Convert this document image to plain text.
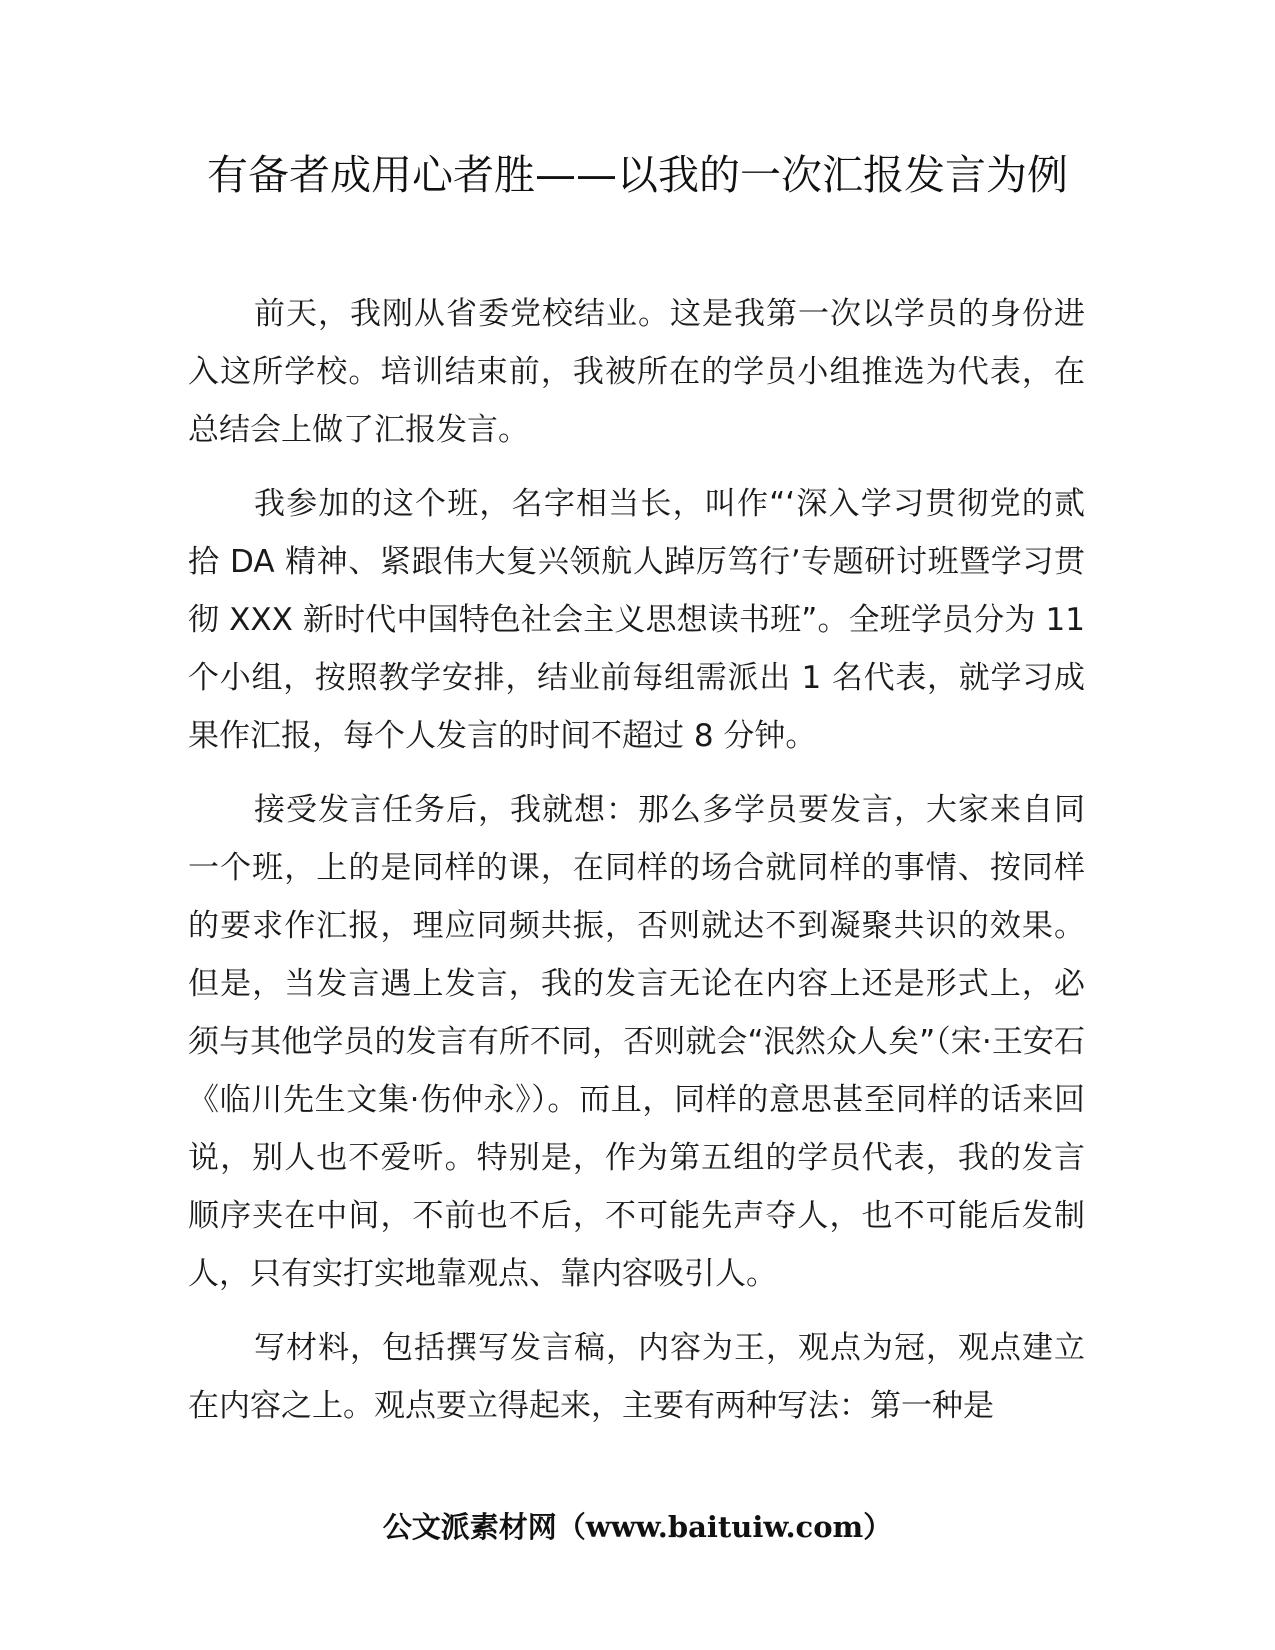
有备者成用心者胜——以我的一次汇报发言为例

前天，我刚从省委党校结业。这是我第一次以学员的身份进入这所学校。培训结束前，我被所在的学员小组推选为代表，在总结会上做了汇报发言。

我参加的这个班，名字相当长，叫作“‘深入学习贯彻党的贰拾 DA 精神、紧跟伟大复兴领航人踔厉笃行’专题研讨班暨学习贯彻 XXX 新时代中国特色社会主义思想读书班”。全班学员分为 11 个小组，按照教学安排，结业前每组需派出 1 名代表，就学习成果作汇报，每个人发言的时间不超过 8 分钟。

接受发言任务后，我就想：那么多学员要发言，大家来自同一个班，上的是同样的课，在同样的场合就同样的事情、按同样的要求作汇报，理应同频共振，否则就达不到凝聚共识的效果。但是，当发言遇上发言，我的发言无论在内容上还是形式上，必须与其他学员的发言有所不同，否则就会“泯然众人矣”（宋·王安石《临川先生文集·伤仲永》）。而且，同样的意思甚至同样的话来回说，别人也不爱听。特别是，作为第五组的学员代表，我的发言顺序夹在中间，不前也不后，不可能先声夺人，也不可能后发制人，只有实打实地靠观点、靠内容吸引人。

写材料，包括撰写发言稿，内容为王，观点为冠，观点建立在内容之上。观点要立得起来，主要有两种写法：第一种是

公文派素材网（www.baituiw.com）
